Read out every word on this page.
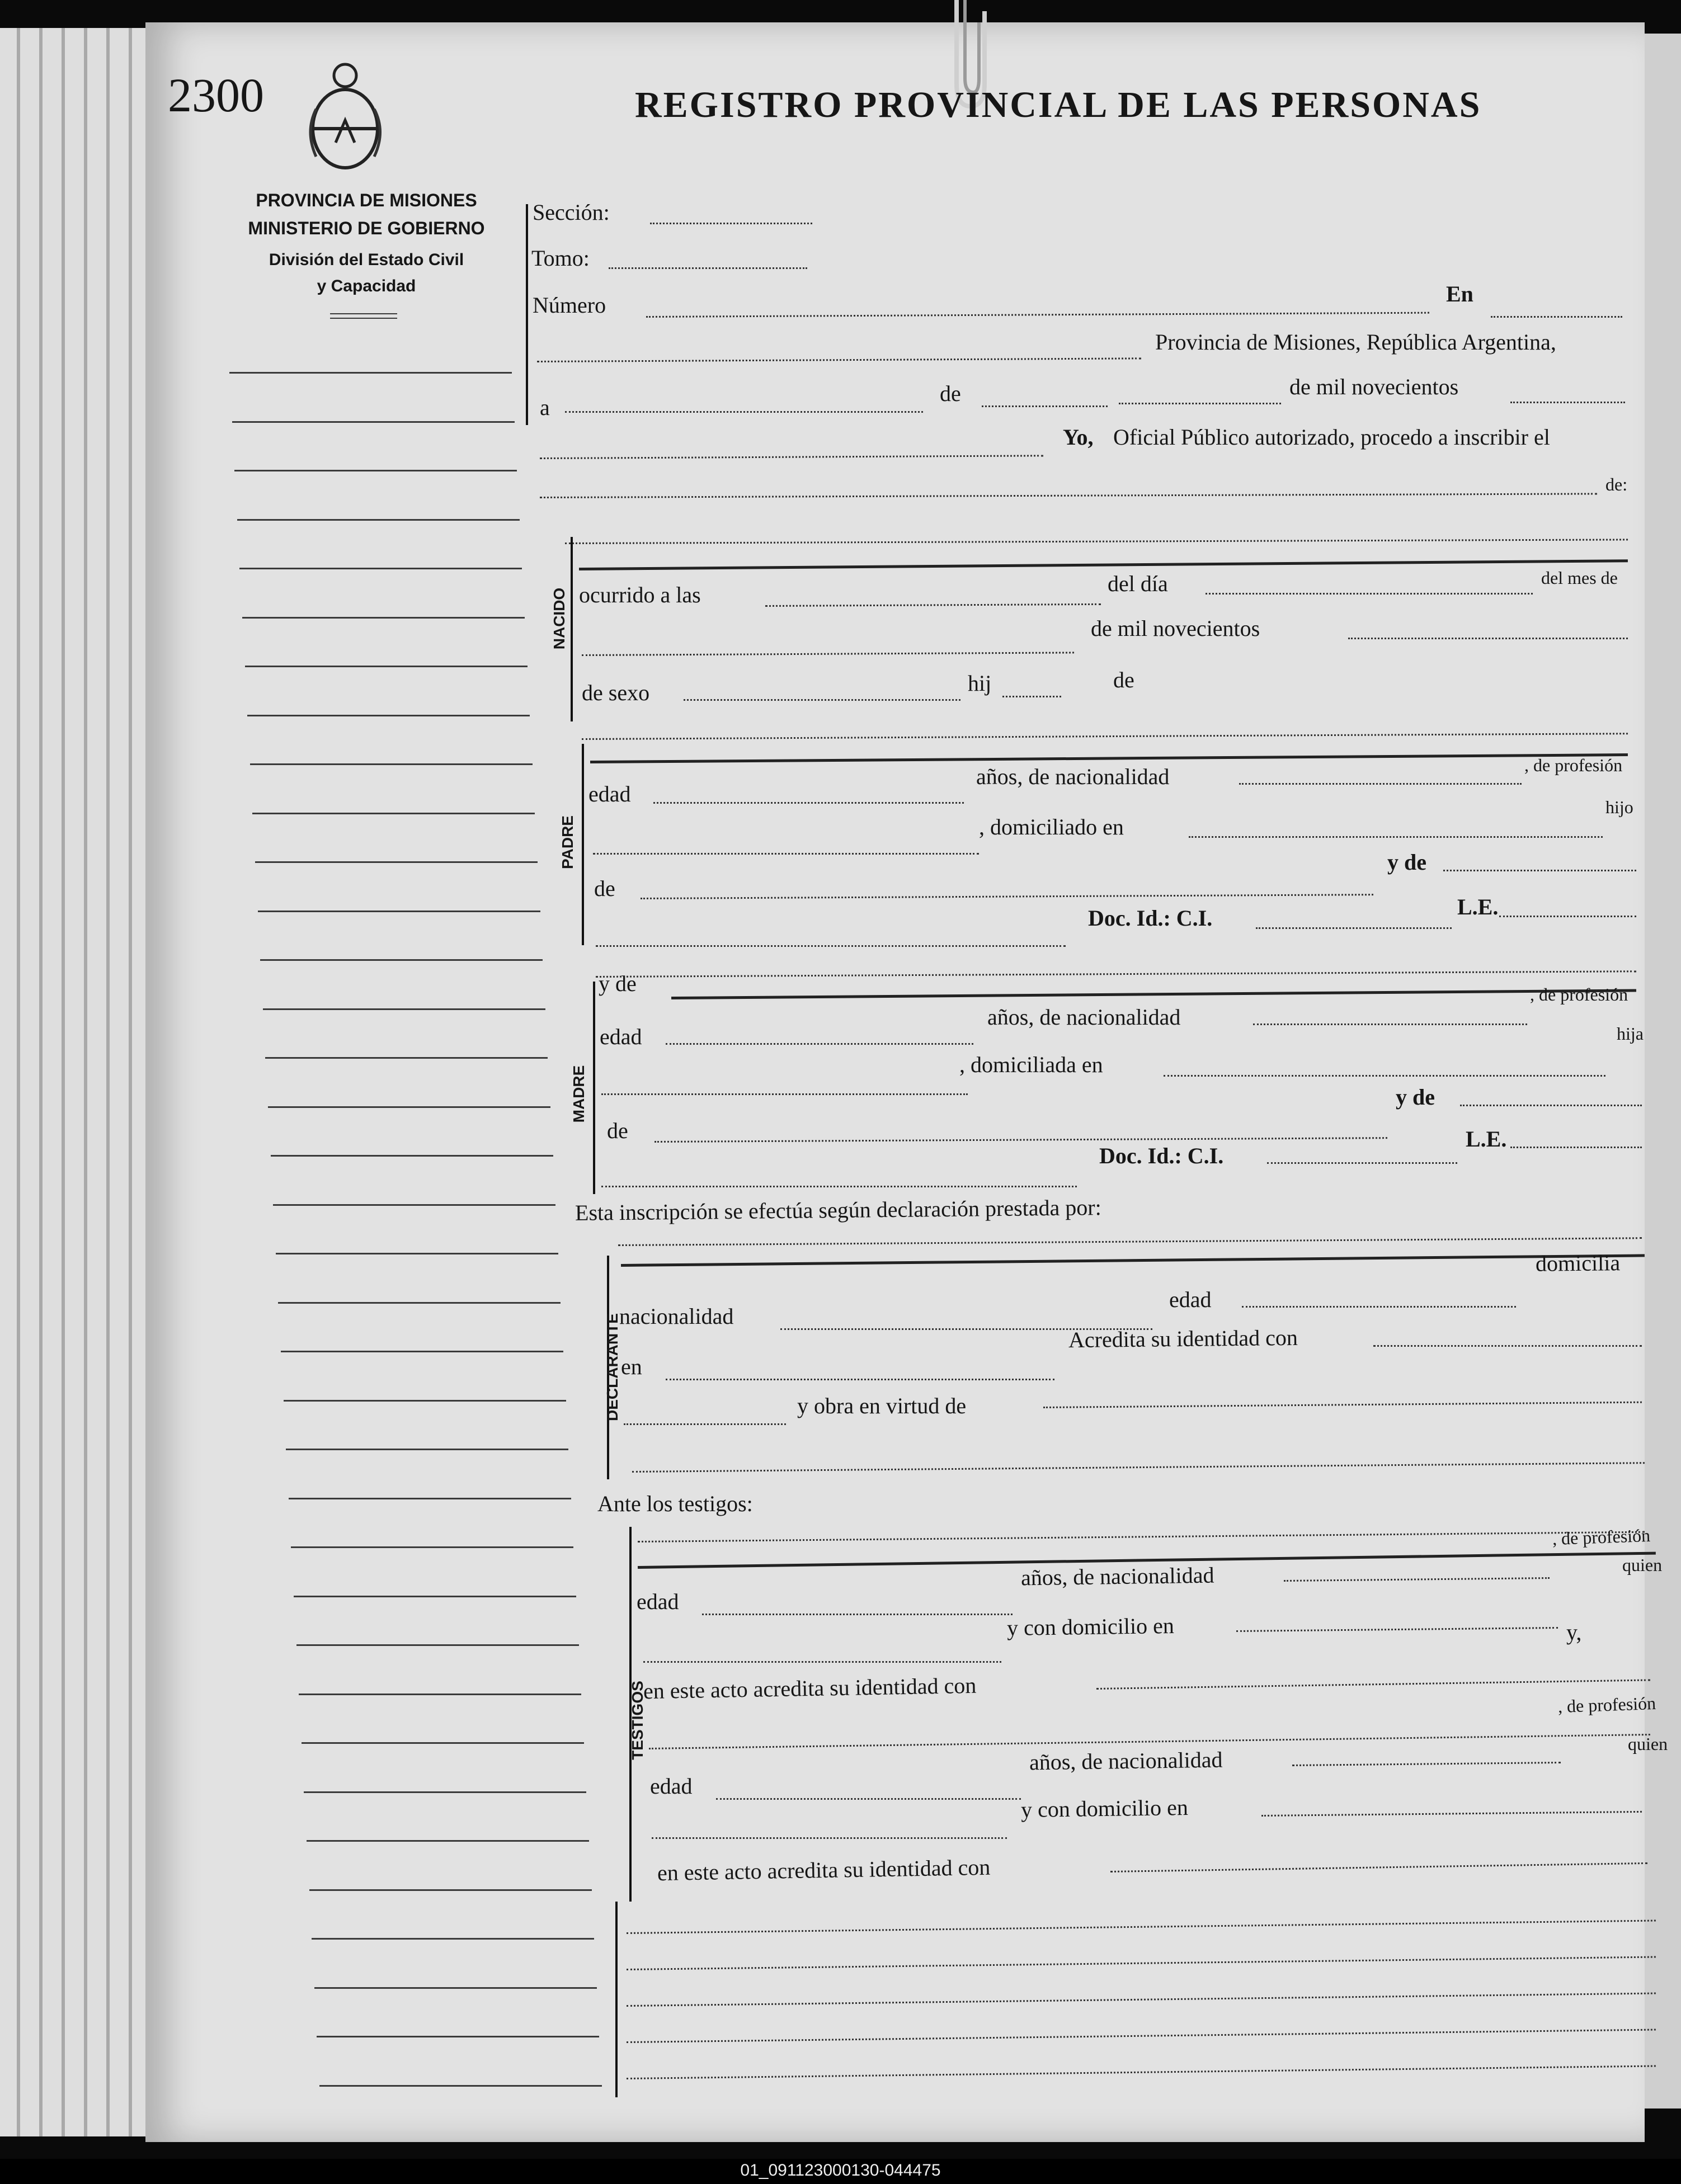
2300	REGISTRO PROVINCIAL DE LAS PERSONAS
PROVINCIA DE MISIONES
MINISTERIO DE GOBIERNO
División del Estado Civil
y Capacidad
Sección:
Tomo:
Número	En
Provincia de Misiones, República Argentina,
a
de	de mil novecientos
Yo, Oficial Público autorizado, procedo a inscribir el
de:
NACIDO ocurrido a las	del día	del mes de
de mil novecientos
de sexo	hij	de
PADRE
edad
años, de nacionalidad	, de profesión
, domiciliado en
hijo
de
y de
Doc. Id.: C.I.	L.E.
MADRE
y de
edad
años, de nacionalidad
, de profesión
, domiciliada en
hija
de
y de
Doc. Id.: C.I.
L.E.
Esta inscripción se efectúa según declaración prestada por:
DECLARANTE
domicilia
nacionalidad
edad
en
Acredita su identidad con
y obra en virtud de
Ante los testigos:
TESTIGOS
, de profesión
edad
años, de nacionalidad	quien
y con domicilio en	y,
en este acto acredita su identidad con
, de profesión
edad
años, de nacionalidad
quien
y con domicilio en
en este acto acredita su identidad con
01_091123000130-044475
